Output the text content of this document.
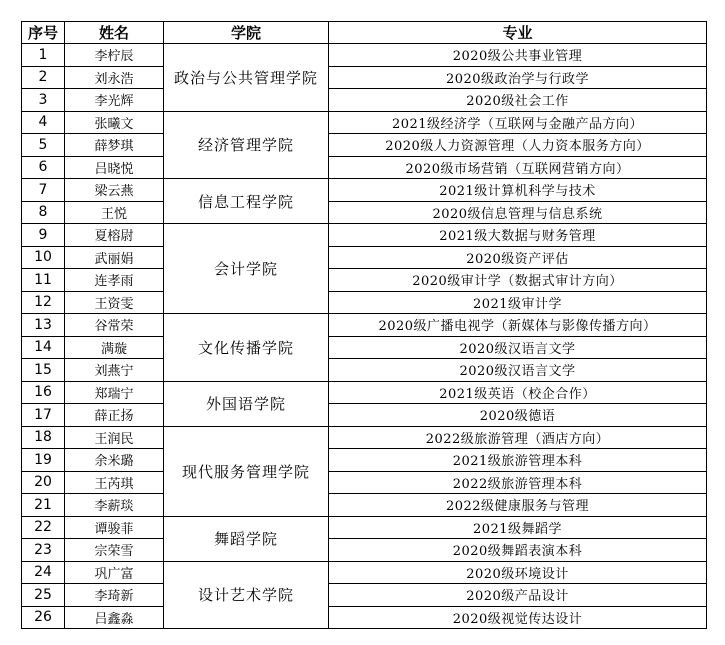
序号	姓名	学院	专业
1	李柠辰	政治与公共管理学院	2020级公共事业管理
2	刘永浩		2020级政治学与行政学
3	李光辉		2020级社会工作
4	张曦文	经济管理学院	2021级经济学（互联网与金融产品方向）
5	薛梦琪		2020级人力资源管理（人力资本服务方向）
6	吕晓悦		2020级市场营销（互联网营销方向）
7	梁云燕	信息工程学院	2021级计算机科学与技术
8	王悦		2020级信息管理与信息系统
9	夏榕尉	会计学院	2021级大数据与财务管理
10	武丽娟		2020级资产评估
11	连孝雨		2020级审计学（数据式审计方向）
12	王资雯		2021级审计学
13	谷常荣	文化传播学院	2020级广播电视学（新媒体与影像传播方向）
14	满璇		2020级汉语言文学
15	刘燕宁		2020级汉语言文学
16	郑瑞宁	外国语学院	2021级英语（校企合作）
17	薛正扬		2020级德语
18	王润民	现代服务管理学院	2022级旅游管理（酒店方向）
19	余米璐		2021级旅游管理本科
20	王芮琪		2022级旅游管理本科
21	李薪琰		2022级健康服务与管理
22	谭骏菲	舞蹈学院	2021级舞蹈学
23	宗荣雪		2020级舞蹈表演本科
24	巩广富	设计艺术学院	2020级环境设计
25	李琦新		2020级产品设计
26	吕鑫淼		2020级视觉传达设计
